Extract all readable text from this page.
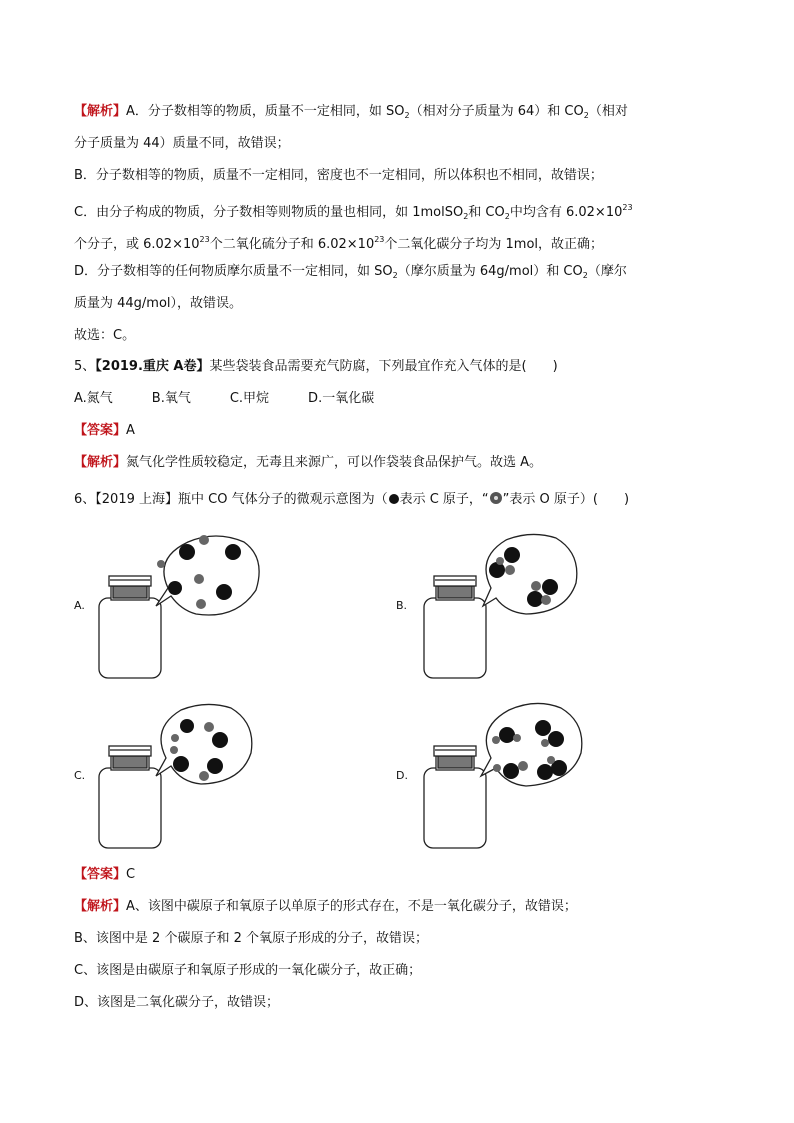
【解析】A．分子数相等的物质，质量不一定相同，如 $SO_2$（相对分子质量为 64）和 $CO_2$（相对
分子质量为 44）质量不同，故错误；
B．分子数相等的物质，质量不一定相同，密度也不一定相同，所以体积也不相同，故错误；
C．由分子构成的物质，分子数相等则物质的量也相同，如 1molSO$_2$和 $CO_2$中均含有 $6.02\times 10^{23}$
个分子，或 $6.02\times 10^{23}$个二氧化硫分子和 $6.02\times 10^{23}$个二氧化碳分子均为 1mol，故正确；
D．分子数相等的任何物质摩尔质量不一定相同，如 $SO_2$（摩尔质量为 64g/mol）和 $CO_2$（摩尔
质量为 44g/mol），故错误。
故选：C。
5、【2019.重庆 A卷】某些袋装食品需要充气防腐，下列最宜作充入气体的是(　　)
A.氮气　　　B.氧气　　　C.甲烷　　　D.一氧化碳
【答案】A
【解析】氮气化学性质较稳定，无毒且来源广，可以作袋装食品保护气。故选 A。
6、【2019 上海】瓶中 CO 气体分子的微观示意图为（ 表示 C 原子，“ ”表示 O 原子）(　　)
A.	B.
C.	D.
【答案】C
【解析】A、该图中碳原子和氧原子以单原子的形式存在，不是一氧化碳分子，故错误；
B、该图中是 2 个碳原子和 2 个氧原子形成的分子，故错误；
C、该图是由碳原子和氧原子形成的一氧化碳分子，故正确；
D、该图是二氧化碳分子，故错误；
